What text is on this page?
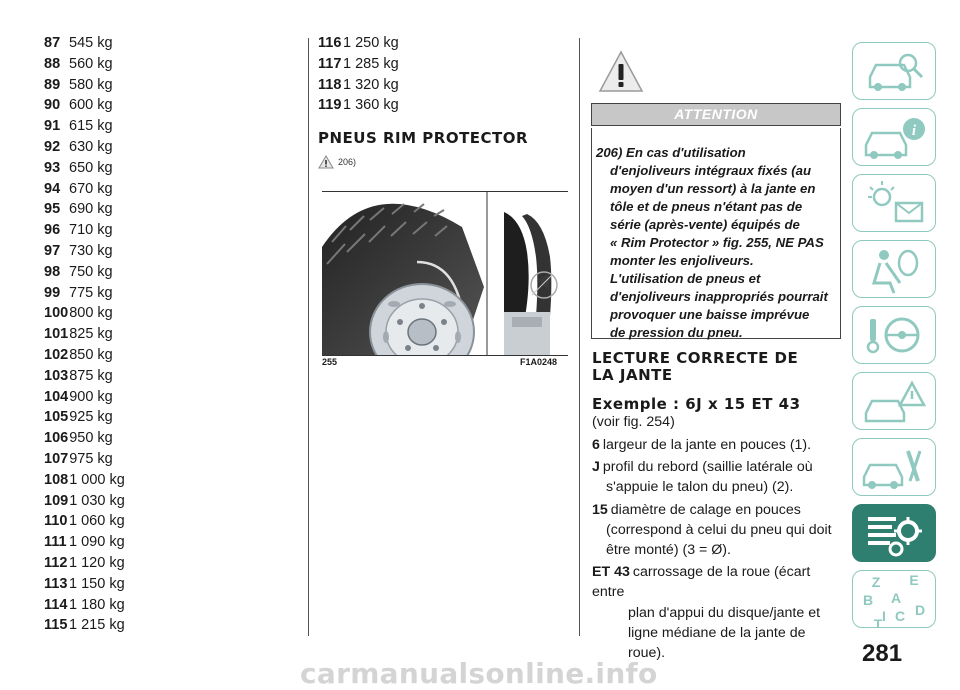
87 545 kg
88 560 kg
89 580 kg
90 600 kg
91 615 kg
92 630 kg
93 650 kg
94 670 kg
95 690 kg
96 710 kg
97 730 kg
98 750 kg
99 775 kg
100800 kg
101825 kg
102850 kg
103875 kg
104900 kg
105925 kg
106950 kg
107975 kg
1081 000 kg
1091 030 kg
110 1 060 kg
111 1 090 kg
112 1 120 kg
113 1 150 kg
114 1 180 kg
115 1 215 kg
116 1 250 kg
117 1 285 kg
118 1 320 kg
119 1 360 kg
PNEUS RIM PROTECTOR
206)
255	F1A0248
ATTENTION
206) En cas d'utilisation
d'enjoliveurs intégraux fixés (au
moyen d'un ressort) à la jante en
tôle et de pneus n'étant pas de
série (après-vente) équipés de
« Rim Protector » fig. 255, NE PAS
monter les enjoliveurs.
L'utilisation de pneus et
d'enjoliveurs inappropriés pourrait
provoquer une baisse imprévue
de pression du pneu.
LECTURE CORRECTE DE
LA JANTE
Exemple : 6J x 15 ET 43
(voir fig. 254)
6 largeur de la jante en pouces (1).
J profil du rebord (saillie latérale où
s'appuie le talon du pneu) (2).
15 diamètre de calage en pouces
(correspond à celui du pneu qui doit
être monté) (3 = Ø).
ET 43 carrossage de la roue (écart entre
plan d'appui du disque/jante et
ligne médiane de la jante de
roue).
i
Z E
B A
I C
T
D
281
carmanualsonline.info
